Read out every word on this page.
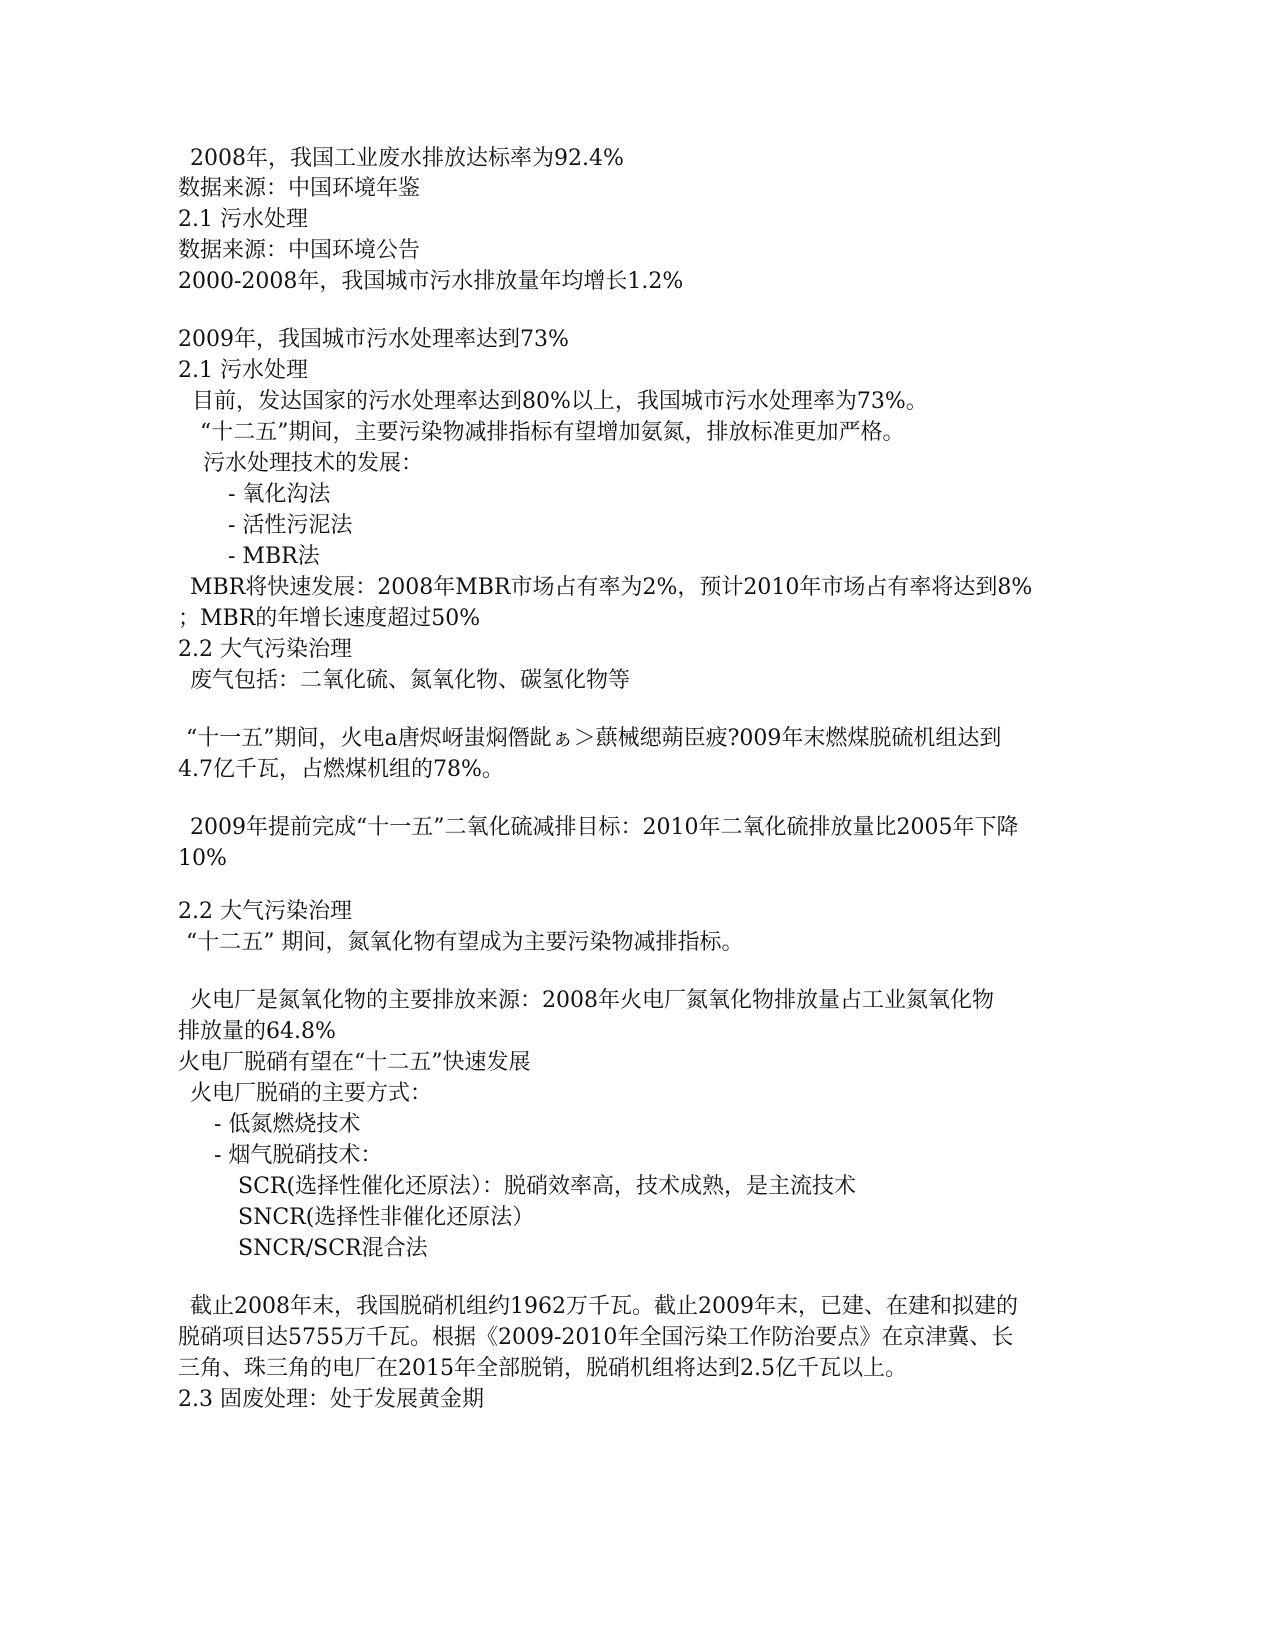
2008年，我国工业废水排放达标率为92.4%
数据来源：中国环境年鉴
2.1 污水处理
数据来源：中国环境公告
2000-2008年，我国城市污水排放量年均增长1.2%
2009年，我国城市污水处理率达到73%
2.1 污水处理
目前，发达国家的污水处理率达到80%以上，我国城市污水处理率为73%。
“十二五”期间，主要污染物减排指标有望增加氨氮，排放标准更加严格。
污水处理技术的发展：
- 氧化沟法
- 活性污泥法
- MBR法
MBR将快速发展：2008年MBR市场占有率为2%，预计2010年市场占有率将达到8%
；MBR的年增长速度超过50%
2.2 大气污染治理
废气包括：二氧化硫、氮氧化物、碳氢化物等
“十一五”期间，火电a唐烬岈蚩焖僭龀ぁ＞蕻械缌蒴臣疲?009年末燃煤脱硫机组达到
4.7亿千瓦，占燃煤机组的78%。
2009年提前完成“十一五”二氧化硫减排目标：2010年二氧化硫排放量比2005年下降
10%
2.2 大气污染治理
“十二五” 期间，氮氧化物有望成为主要污染物减排指标。
火电厂是氮氧化物的主要排放来源：2008年火电厂氮氧化物排放量占工业氮氧化物
排放量的64.8%
火电厂脱硝有望在“十二五”快速发展
火电厂脱硝的主要方式：
- 低氮燃烧技术
- 烟气脱硝技术：
SCR(选择性催化还原法）：脱硝效率高，技术成熟，是主流技术
SNCR(选择性非催化还原法）
SNCR/SCR混合法
截止2008年末，我国脱硝机组约1962万千瓦。截止2009年末，已建、在建和拟建的
脱硝项目达5755万千瓦。根据《2009-2010年全国污染工作防治要点》在京津冀、长
三角、珠三角的电厂在2015年全部脱销，脱硝机组将达到2.5亿千瓦以上。
2.3 固废处理：处于发展黄金期
